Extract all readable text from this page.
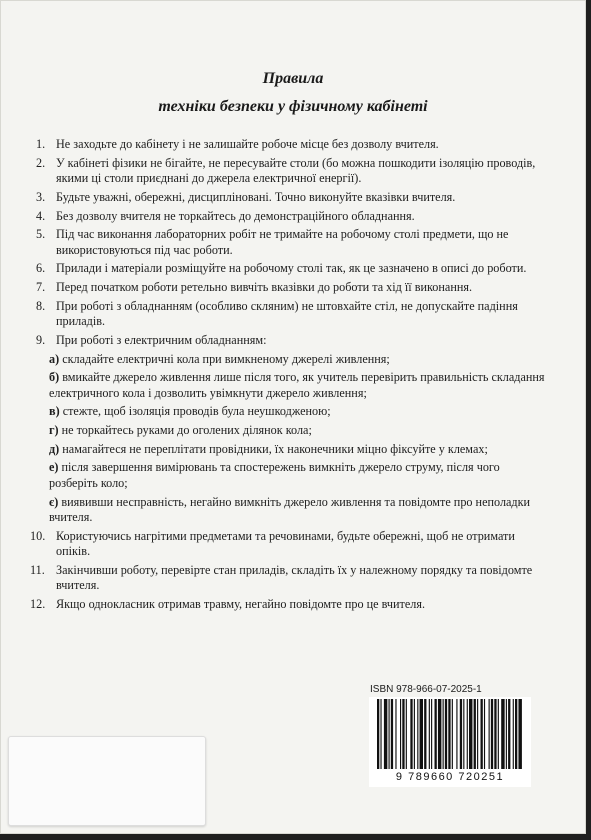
Правила
техніки безпеки у фізичному кабінеті
1. Не заходьте до кабінету і не залишайте робоче місце без дозволу вчителя.
2. У кабінеті фізики не бігайте, не пересувайте столи (бо можна пошкодити ізоляцію проводів, якими ці столи приєднані до джерела електричної енергії).
3. Будьте уважні, обережні, дисципліновані. Точно виконуйте вказівки вчителя.
4. Без дозволу вчителя не торкайтесь до демонстраційного обладнання.
5. Під час виконання лабораторних робіт не тримайте на робочому столі предмети, що не використовуються під час роботи.
6. Прилади і матеріали розміщуйте на робочому столі так, як це зазначено в описі до роботи.
7. Перед початком роботи ретельно вивчіть вказівки до роботи та хід її виконання.
8. При роботі з обладнанням (особливо скляним) не штовхайте стіл, не допускайте падіння приладів.
9. При роботі з електричним обладнанням:
а) складайте електричні кола при вимкненому джерелі живлення;
б) вмикайте джерело живлення лише після того, як учитель перевірить правильність складання електричного кола і дозволить увімкнути джерело живлення;
в) стежте, щоб ізоляція проводів була неушкодженою;
г) не торкайтесь руками до оголених ділянок кола;
д) намагайтеся не переплітати провідники, їх наконечники міцно фіксуйте у клемах;
е) після завершення вимірювань та спостережень вимкніть джерело струму, після чого розберіть коло;
є) виявивши несправність, негайно вимкніть джерело живлення та повідомте про неполадки вчителя.
10. Користуючись нагрітими предметами та речовинами, будьте обережні, щоб не отримати опіків.
11. Закінчивши роботу, перевірте стан приладів, складіть їх у належному порядку та повідомте вчителя.
12. Якщо однокласник отримав травму, негайно повідомте про це вчителя.
ISBN 978-966-07-2025-1
9 789660 720251
